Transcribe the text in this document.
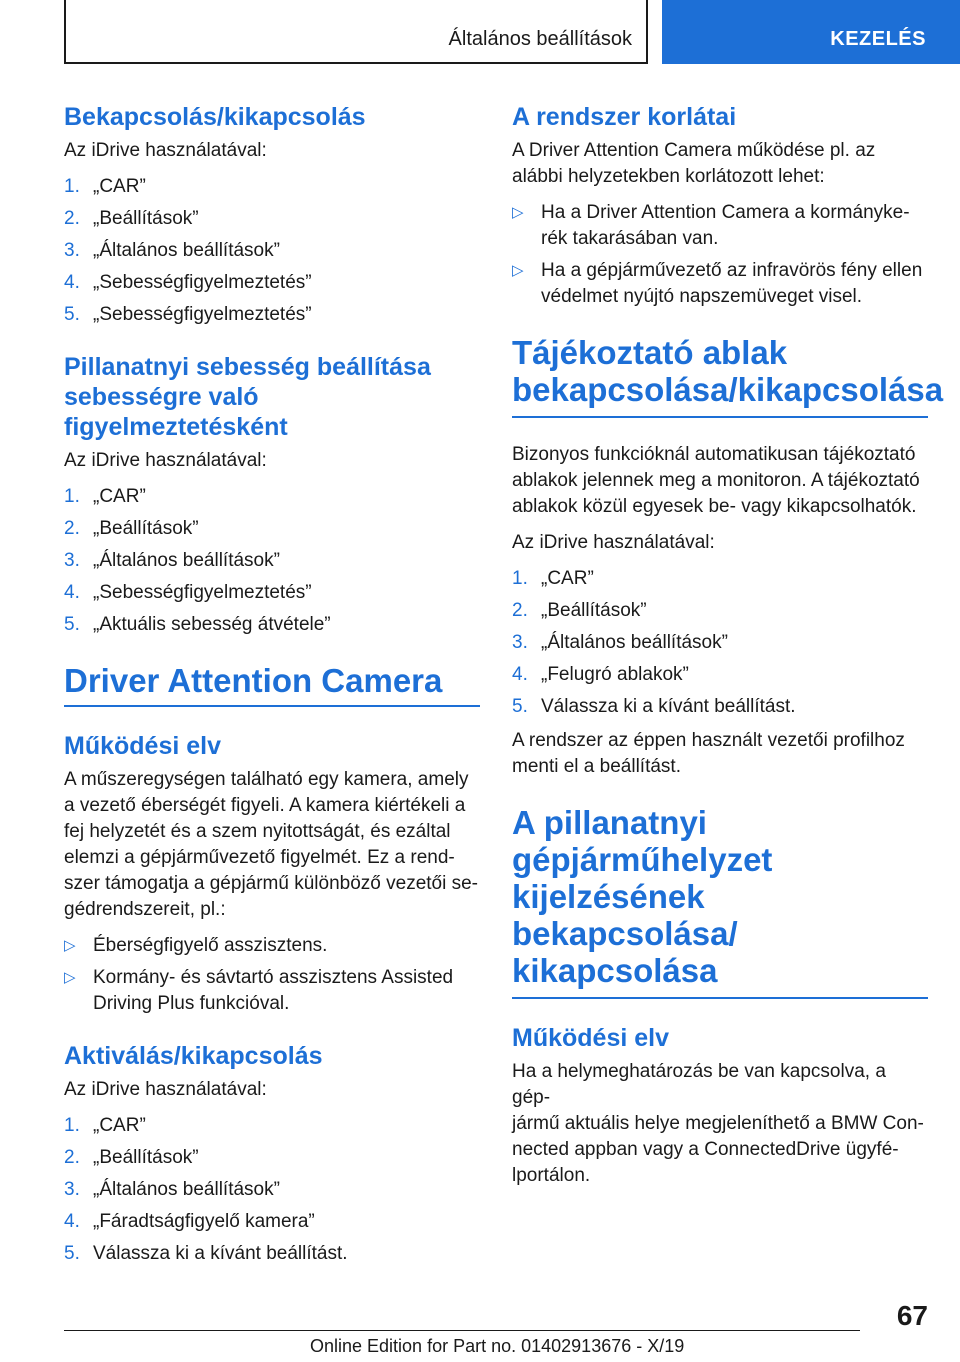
Általános beállítások	KEZELÉS
Bekapcsolás/kikapcsolás

Az iDrive használatával:

1. „CAR”
2. „Beállítások”
3. „Általános beállítások”
4. „Sebességfigyelmeztetés”
5. „Sebességfigyelmeztetés”
Pillanatnyi sebesség beállítása
sebességre való
figyelmeztetésként

Az iDrive használatával:

1. „CAR”
2. „Beállítások”
3. „Általános beállítások”
4. „Sebességfigyelmeztetés”
5. „Aktuális sebesség átvétele”
Driver Attention Camera
Működési elv

A műszeregységen található egy kamera, amely
a vezető éberségét figyeli. A kamera kiértékeli a
fej helyzetét és a szem nyitottságát, és ezáltal
elemzi a gépjárművezető figyelmét. Ez a rend-
szer támogatja a gépjármű különböző vezetői se-
gédrendszereit, pl.:

▷ Éberségfigyelő asszisztens.
▷ Kormány- és sávtartó asszisztens Assisted
Driving Plus funkcióval.
Aktiválás/kikapcsolás

Az iDrive használatával:

1. „CAR”
2. „Beállítások”
3. „Általános beállítások”
4. „Fáradtságfigyelő kamera”
5. Válassza ki a kívánt beállítást.
A rendszer korlátai

A Driver Attention Camera működése pl. az
alábbi helyzetekben korlátozott lehet:

▷ Ha a Driver Attention Camera a kormányke-
rék takarásában van.
▷ Ha a gépjárművezető az infravörös fény ellen
védelmet nyújtó napszemüveget visel.
Tájékoztató ablak
bekapcsolása/kikapcsolása

Bizonyos funkcióknál automatikusan tájékoztató
ablakok jelennek meg a monitoron. A tájékoztató
ablakok közül egyesek be- vagy kikapcsolhatók.

Az iDrive használatával:

1. „CAR”
2. „Beállítások”
3. „Általános beállítások”
4. „Felugró ablakok”
5. Válassza ki a kívánt beállítást.

A rendszer az éppen használt vezetői profilhoz
menti el a beállítást.

A pillanatnyi
gépjárműhelyzet
kijelzésének bekapcsolása/
kikapcsolása
Működési elv

Ha a helymeghatározás be van kapcsolva, a gép-
jármű aktuális helye megjeleníthető a BMW Con-
nected appban vagy a ConnectedDrive ügyfé-
lportálon.

67
Online Edition for Part no. 01402913676 - X/19
